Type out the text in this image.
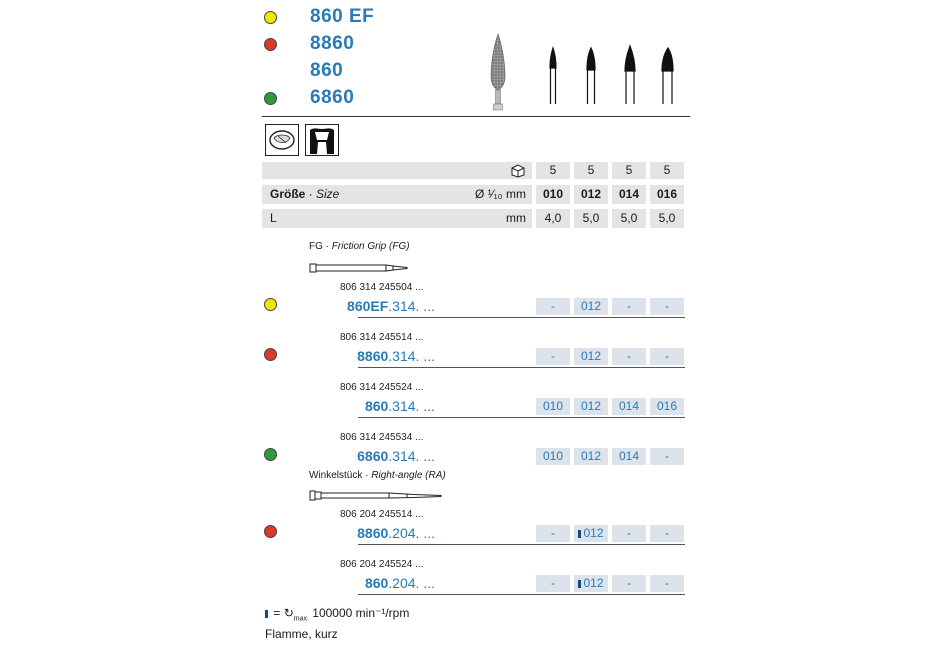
860 EF
8860
860
6860
5	5	5	5
Größe · Size	Ø ¹⁄₁₀ mm	010	012	014	016
L	mm	4,0	5,0	5,0	5,0
FG · Friction Grip (FG)
806 314 245504 ...
860EF.314. ...	-	012	-	-
806 314 245514 ...
8860.314. ...	-	012	-	-
806 314 245524 ...
860.314. ...	010	012	014	016
806 314 245534 ...
6860.314. ...	010	012	014	-
Winkelstück · Right-angle (RA)
806 204 245514 ...
8860.204. ...	-	012	-	-
806 204 245524 ...
860.204. ...	-	012	-	-
= $↻_{max.}$ 100000 min⁻¹/rpm
Flamme, kurz
